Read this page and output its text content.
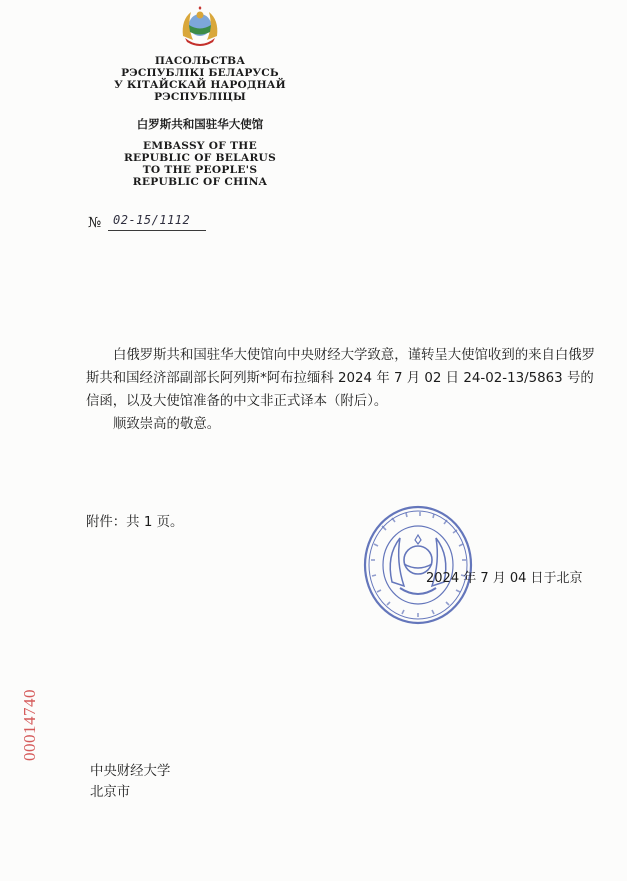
ПАСОЛЬСТВА
РЭСПУБЛІКІ БЕЛАРУСЬ
У КІТАЙСКАЙ НАРОДНАЙ
РЭСПУБЛІЦЫ
白罗斯共和国驻华大使馆
EMBASSY OF THE
REPUBLIC OF BELARUS
TO THE PEOPLE'S
REPUBLIC OF CHINA
№ 02-15/1112

白俄罗斯共和国驻华大使馆向中央财经大学致意，谨转呈大使馆收到的来自白俄罗斯共和国经济部副部长阿列斯*阿布拉缅科 2024 年 7 月 02 日 24-02-13/5863 号的信函，以及大使馆准备的中文非正式译本（附后）。

顺致崇高的敬意。

附件：共 1 页。
2024 年 7 月 04 日于北京
00014740
中央财经大学
北京市
